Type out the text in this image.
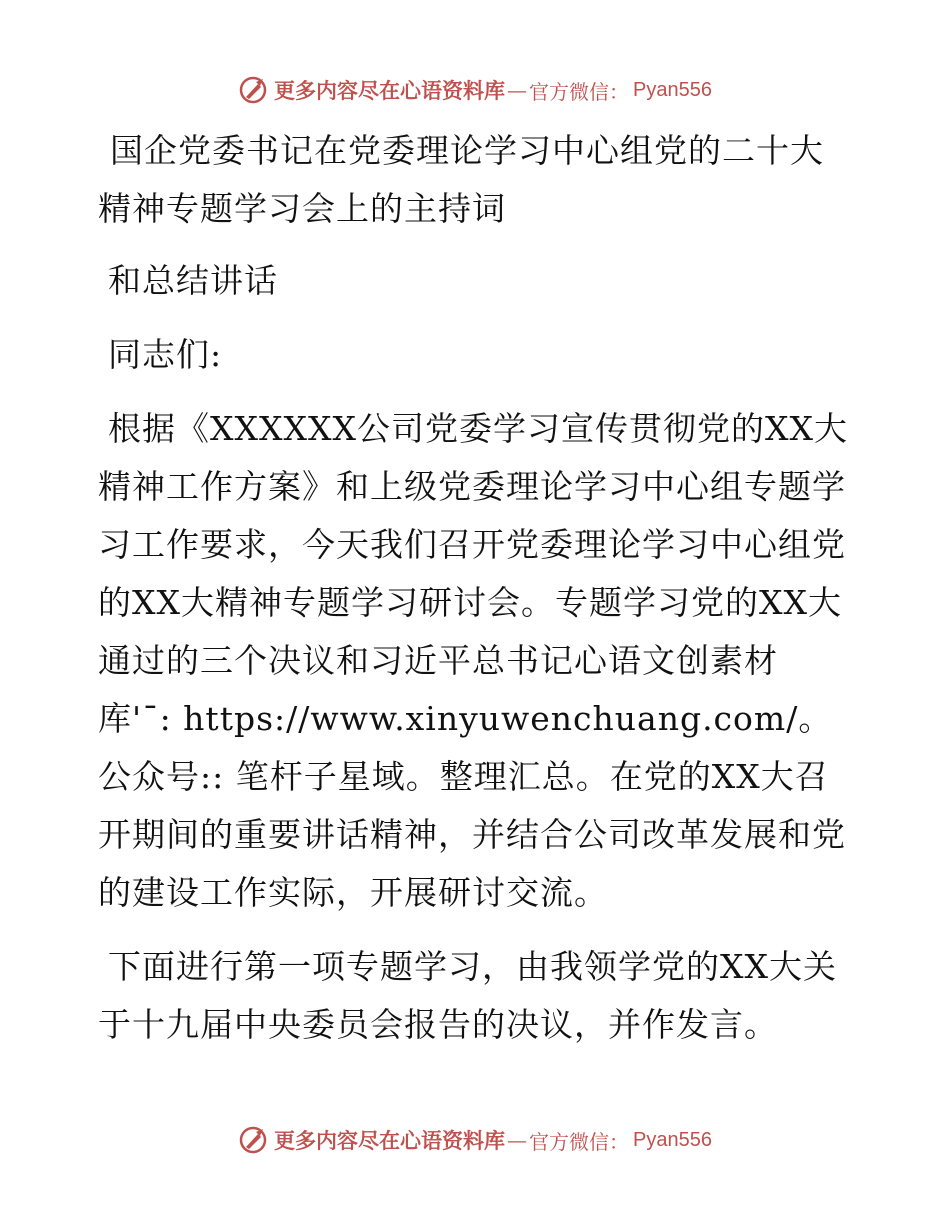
更多内容尽在心语资料库 — 官方微信： Pyan556

国企党委书记在党委理论学习中心组党的二十大精神专题学习会上的主持词

和总结讲话

同志们:

根据《XXXXXX公司党委学习宣传贯彻党的XX大精神工作方案》和上级党委理论学习中心组专题学习工作要求，今天我们召开党委理论学习中心组党的XX大精神专题学习研讨会。专题学习党的XX大通过的三个决议和习近平总书记心语文创素材库'¯: https://www.xinyuwenchuang.com/。公众号:: 笔杆子星域。整理汇总。在党的XX大召开期间的重要讲话精神，并结合公司改革发展和党的建设工作实际，开展研讨交流。

下面进行第一项专题学习，由我领学党的XX大关于十九届中央委员会报告的决议，并作发言。

更多内容尽在心语资料库 — 官方微信： Pyan556
